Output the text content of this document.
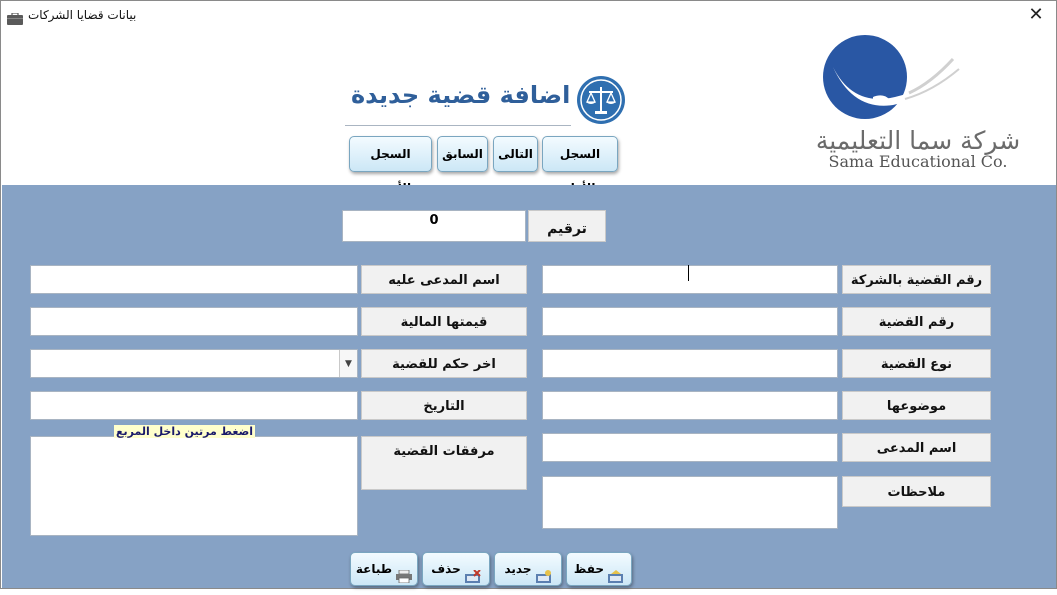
بيانات قضايا الشركات	✕
اضافة قضية جديدة
السجل
التالى
السابق
السجل	شركة سما التعليمية
Sama Educational Co.
0
ترقيم
رقم القضية بالشركة
رقم القضية
نوع القضية
موضوعها
اسم المدعى
ملاحظات
اسم المدعى عليه
قيمتها المالية
▼	اخر حكم للقضية
التاريخ
اضغط مرتين داخل المربع
مرفقات القضية
حفظ
جديد
حذف
طباعة
